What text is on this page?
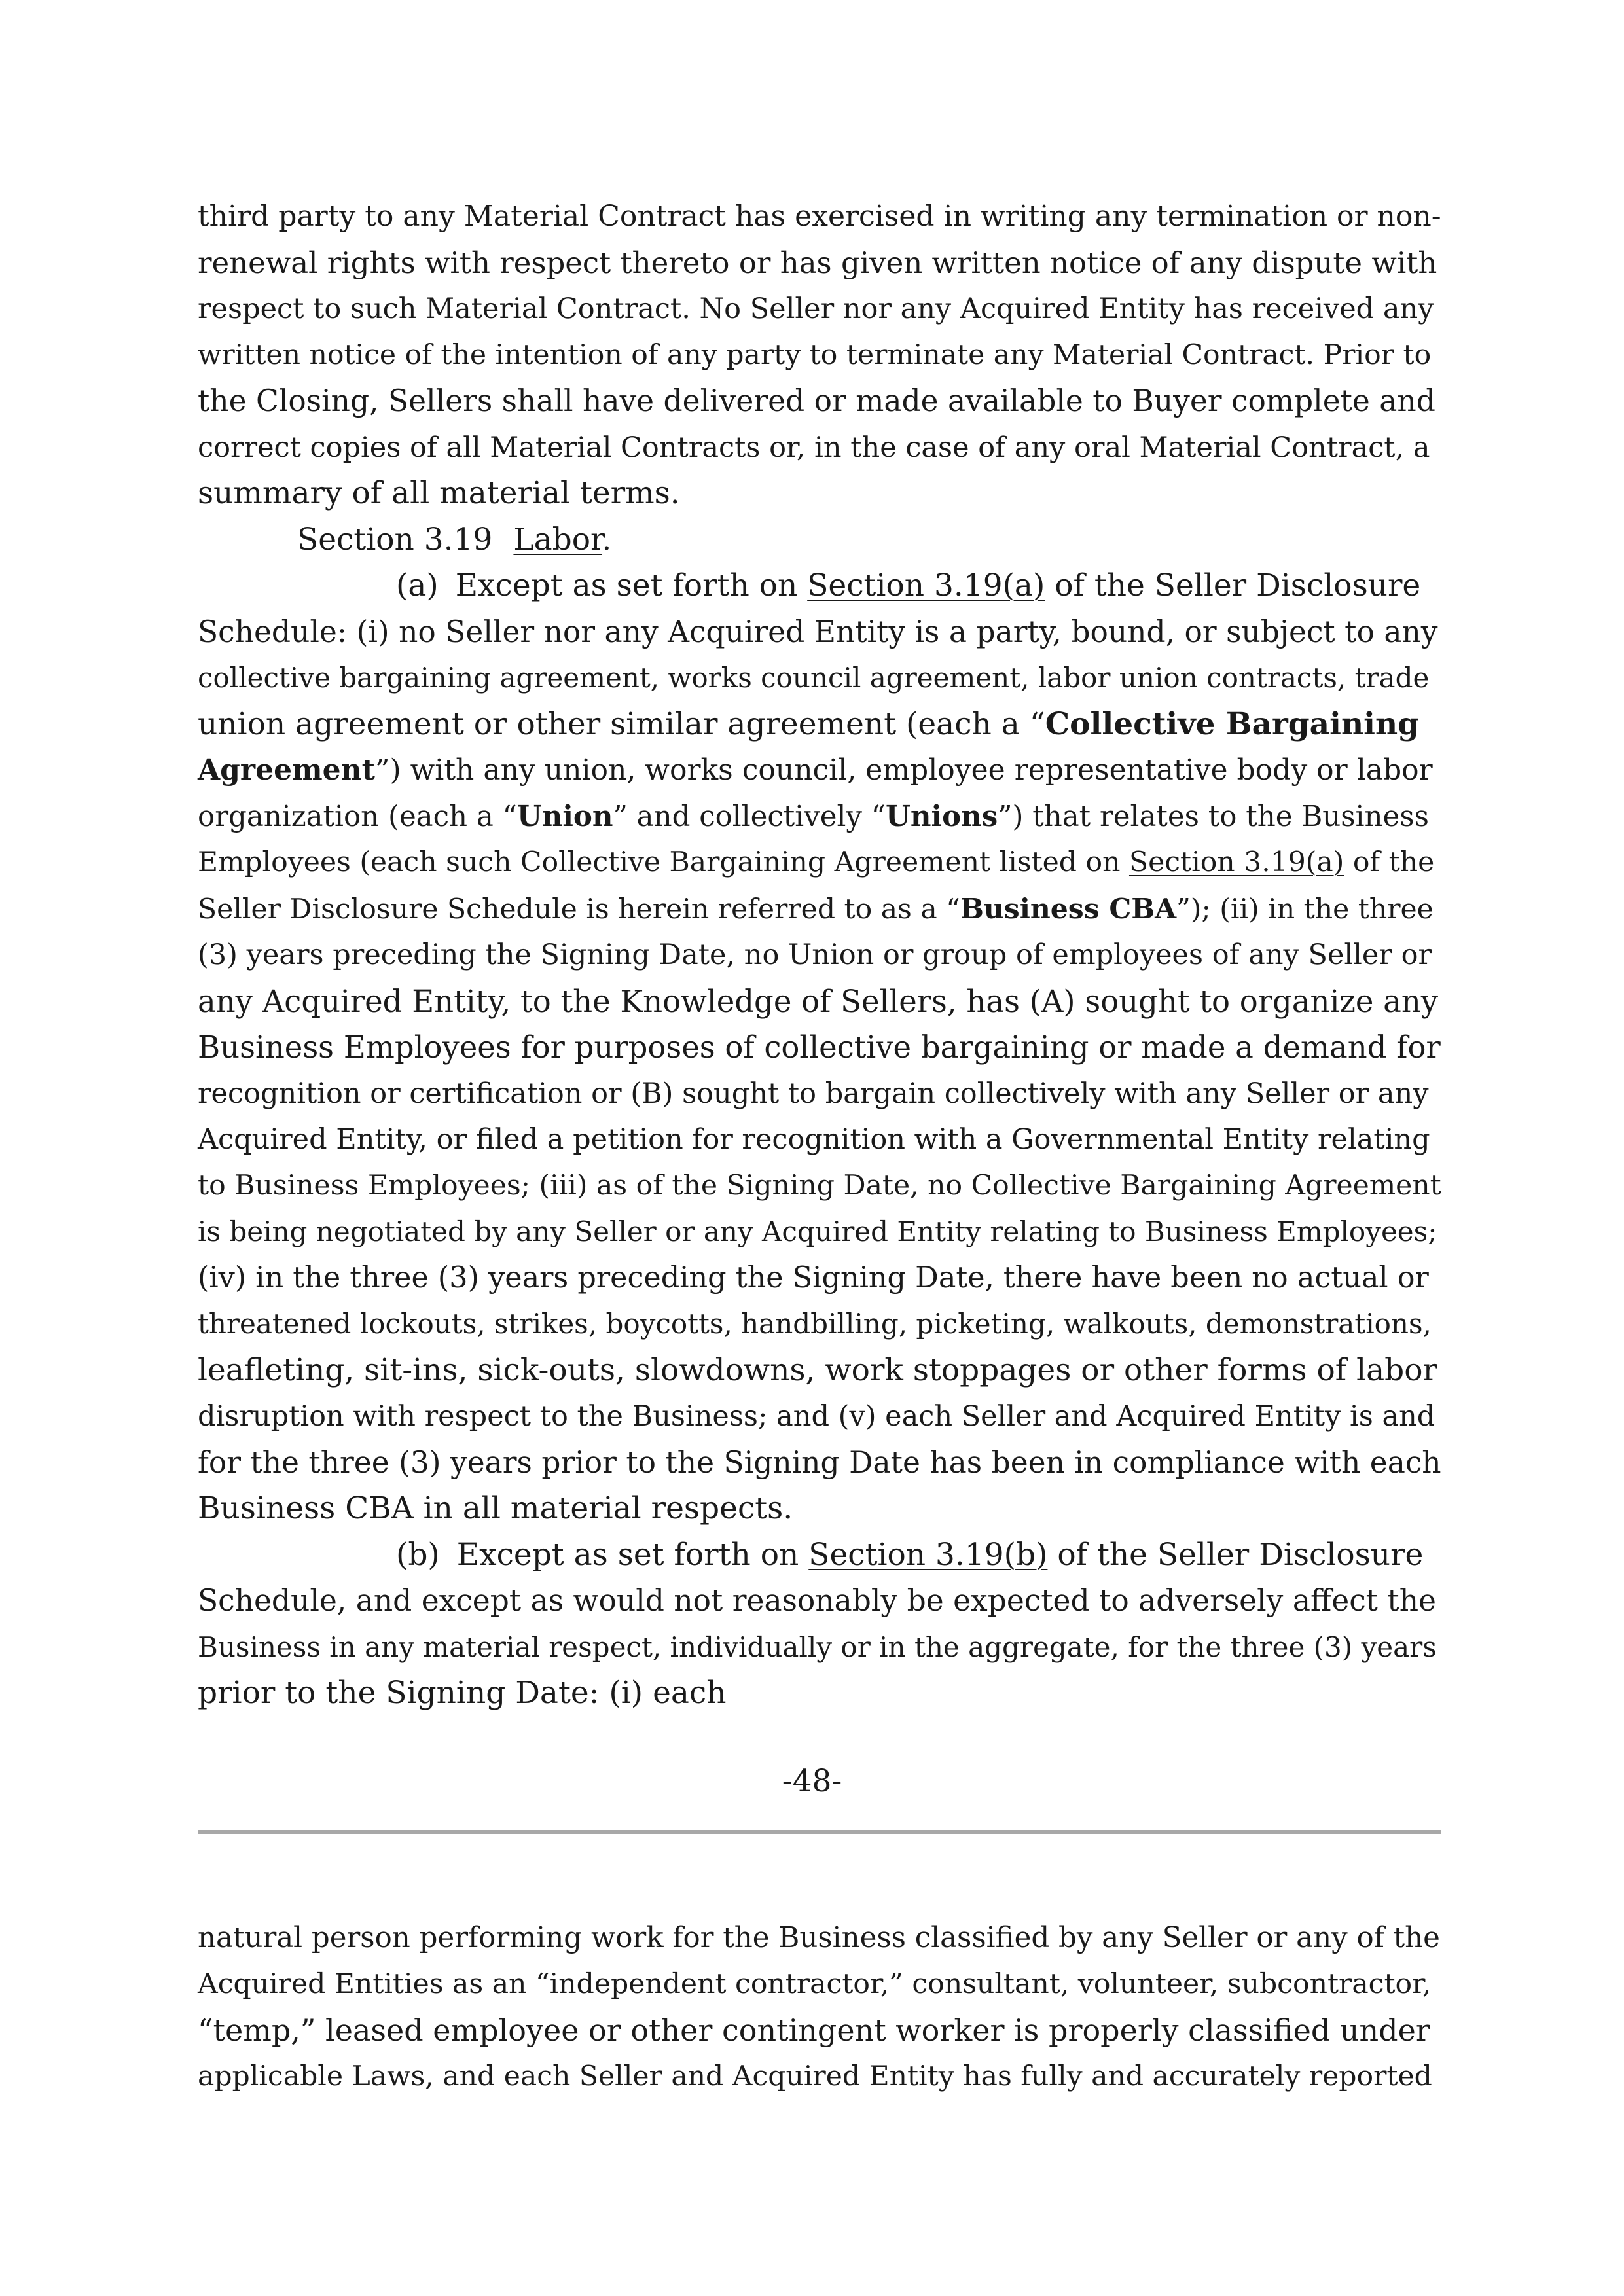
third party to any Material Contract has exercised in writing any termination or non-
renewal rights with respect thereto or has given written notice of any dispute with
respect to such Material Contract. No Seller nor any Acquired Entity has received any
written notice of the intention of any party to terminate any Material Contract. Prior to
the Closing, Sellers shall have delivered or made available to Buyer complete and
correct copies of all Material Contracts or, in the case of any oral Material Contract, a
summary of all material terms.
Section 3.19 Labor.
(a) Except as set forth on Section 3.19(a) of the Seller Disclosure
Schedule: (i) no Seller nor any Acquired Entity is a party, bound, or subject to any
collective bargaining agreement, works council agreement, labor union contracts, trade
union agreement or other similar agreement (each a “Collective Bargaining
Agreement”) with any union, works council, employee representative body or labor
organization (each a “Union” and collectively “Unions”) that relates to the Business
Employees (each such Collective Bargaining Agreement listed on Section 3.19(a) of the
Seller Disclosure Schedule is herein referred to as a “Business CBA”); (ii) in the three
(3) years preceding the Signing Date, no Union or group of employees of any Seller or
any Acquired Entity, to the Knowledge of Sellers, has (A) sought to organize any
Business Employees for purposes of collective bargaining or made a demand for
recognition or certification or (B) sought to bargain collectively with any Seller or any
Acquired Entity, or filed a petition for recognition with a Governmental Entity relating
to Business Employees; (iii) as of the Signing Date, no Collective Bargaining Agreement
is being negotiated by any Seller or any Acquired Entity relating to Business Employees;
(iv) in the three (3) years preceding the Signing Date, there have been no actual or
threatened lockouts, strikes, boycotts, handbilling, picketing, walkouts, demonstrations,
leafleting, sit-ins, sick-outs, slowdowns, work stoppages or other forms of labor
disruption with respect to the Business; and (v) each Seller and Acquired Entity is and
for the three (3) years prior to the Signing Date has been in compliance with each
Business CBA in all material respects.
(b) Except as set forth on Section 3.19(b) of the Seller Disclosure
Schedule, and except as would not reasonably be expected to adversely affect the
Business in any material respect, individually or in the aggregate, for the three (3) years
prior to the Signing Date: (i) each
-48-
natural person performing work for the Business classified by any Seller or any of the
Acquired Entities as an “independent contractor,” consultant, volunteer, subcontractor,
“temp,” leased employee or other contingent worker is properly classified under
applicable Laws, and each Seller and Acquired Entity has fully and accurately reported
